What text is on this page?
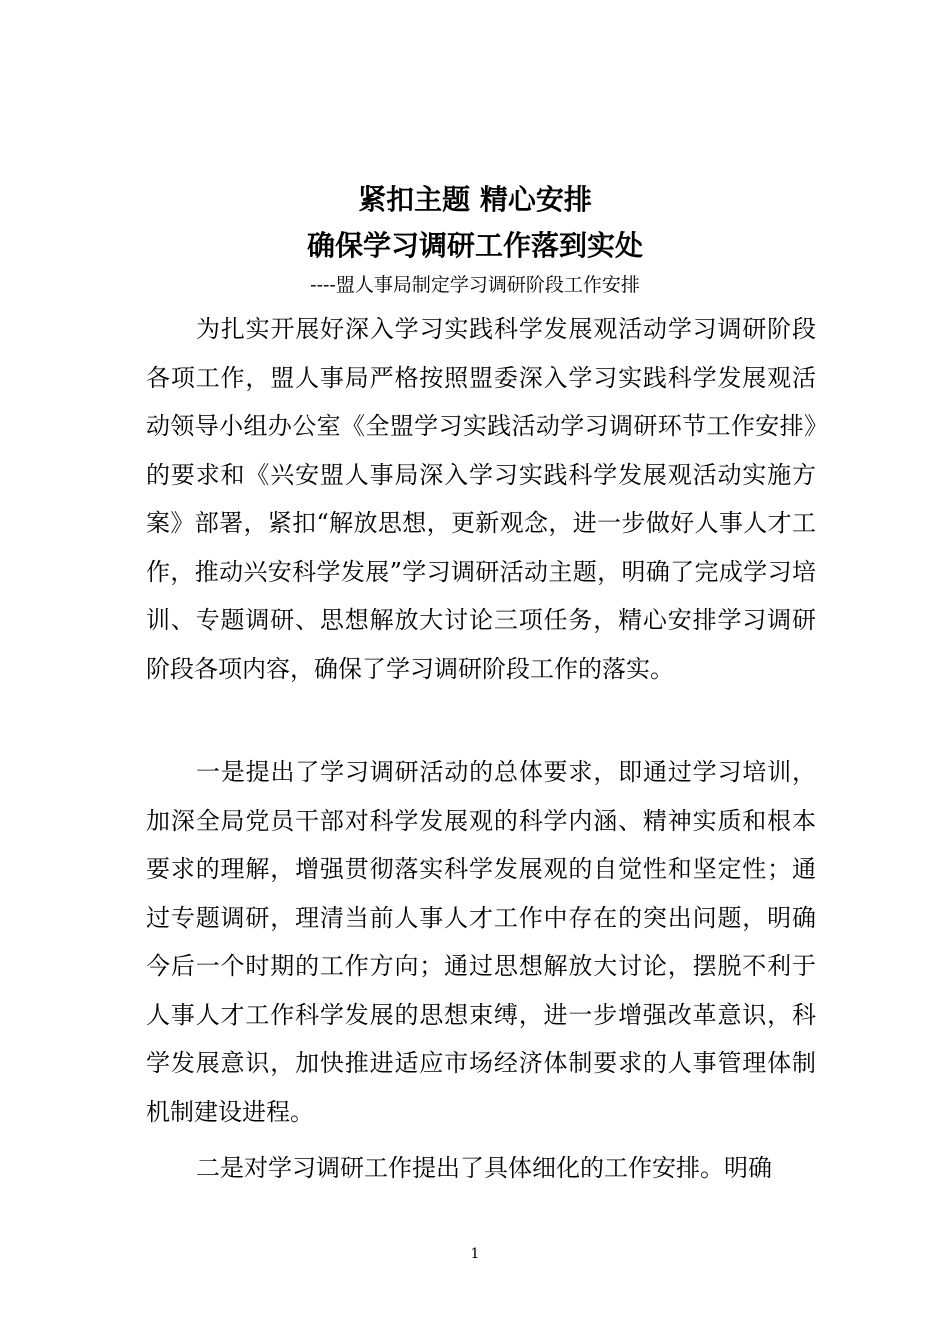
紧扣主题 精心安排
确保学习调研工作落到实处

----盟人事局制定学习调研阶段工作安排

为扎实开展好深入学习实践科学发展观活动学习调研阶段各项工作，盟人事局严格按照盟委深入学习实践科学发展观活动领导小组办公室《全盟学习实践活动学习调研环节工作安排》的要求和《兴安盟人事局深入学习实践科学发展观活动实施方案》部署，紧扣“解放思想，更新观念，进一步做好人事人才工作，推动兴安科学发展”学习调研活动主题，明确了完成学习培训、专题调研、思想解放大讨论三项任务，精心安排学习调研阶段各项内容，确保了学习调研阶段工作的落实。

一是提出了学习调研活动的总体要求，即通过学习培训，加深全局党员干部对科学发展观的科学内涵、精神实质和根本要求的理解，增强贯彻落实科学发展观的自觉性和坚定性；通过专题调研，理清当前人事人才工作中存在的突出问题，明确今后一个时期的工作方向；通过思想解放大讨论，摆脱不利于人事人才工作科学发展的思想束缚，进一步增强改革意识，科学发展意识，加快推进适应市场经济体制要求的人事管理体制机制建设进程。

二是对学习调研工作提出了具体细化的工作安排。明确

1
